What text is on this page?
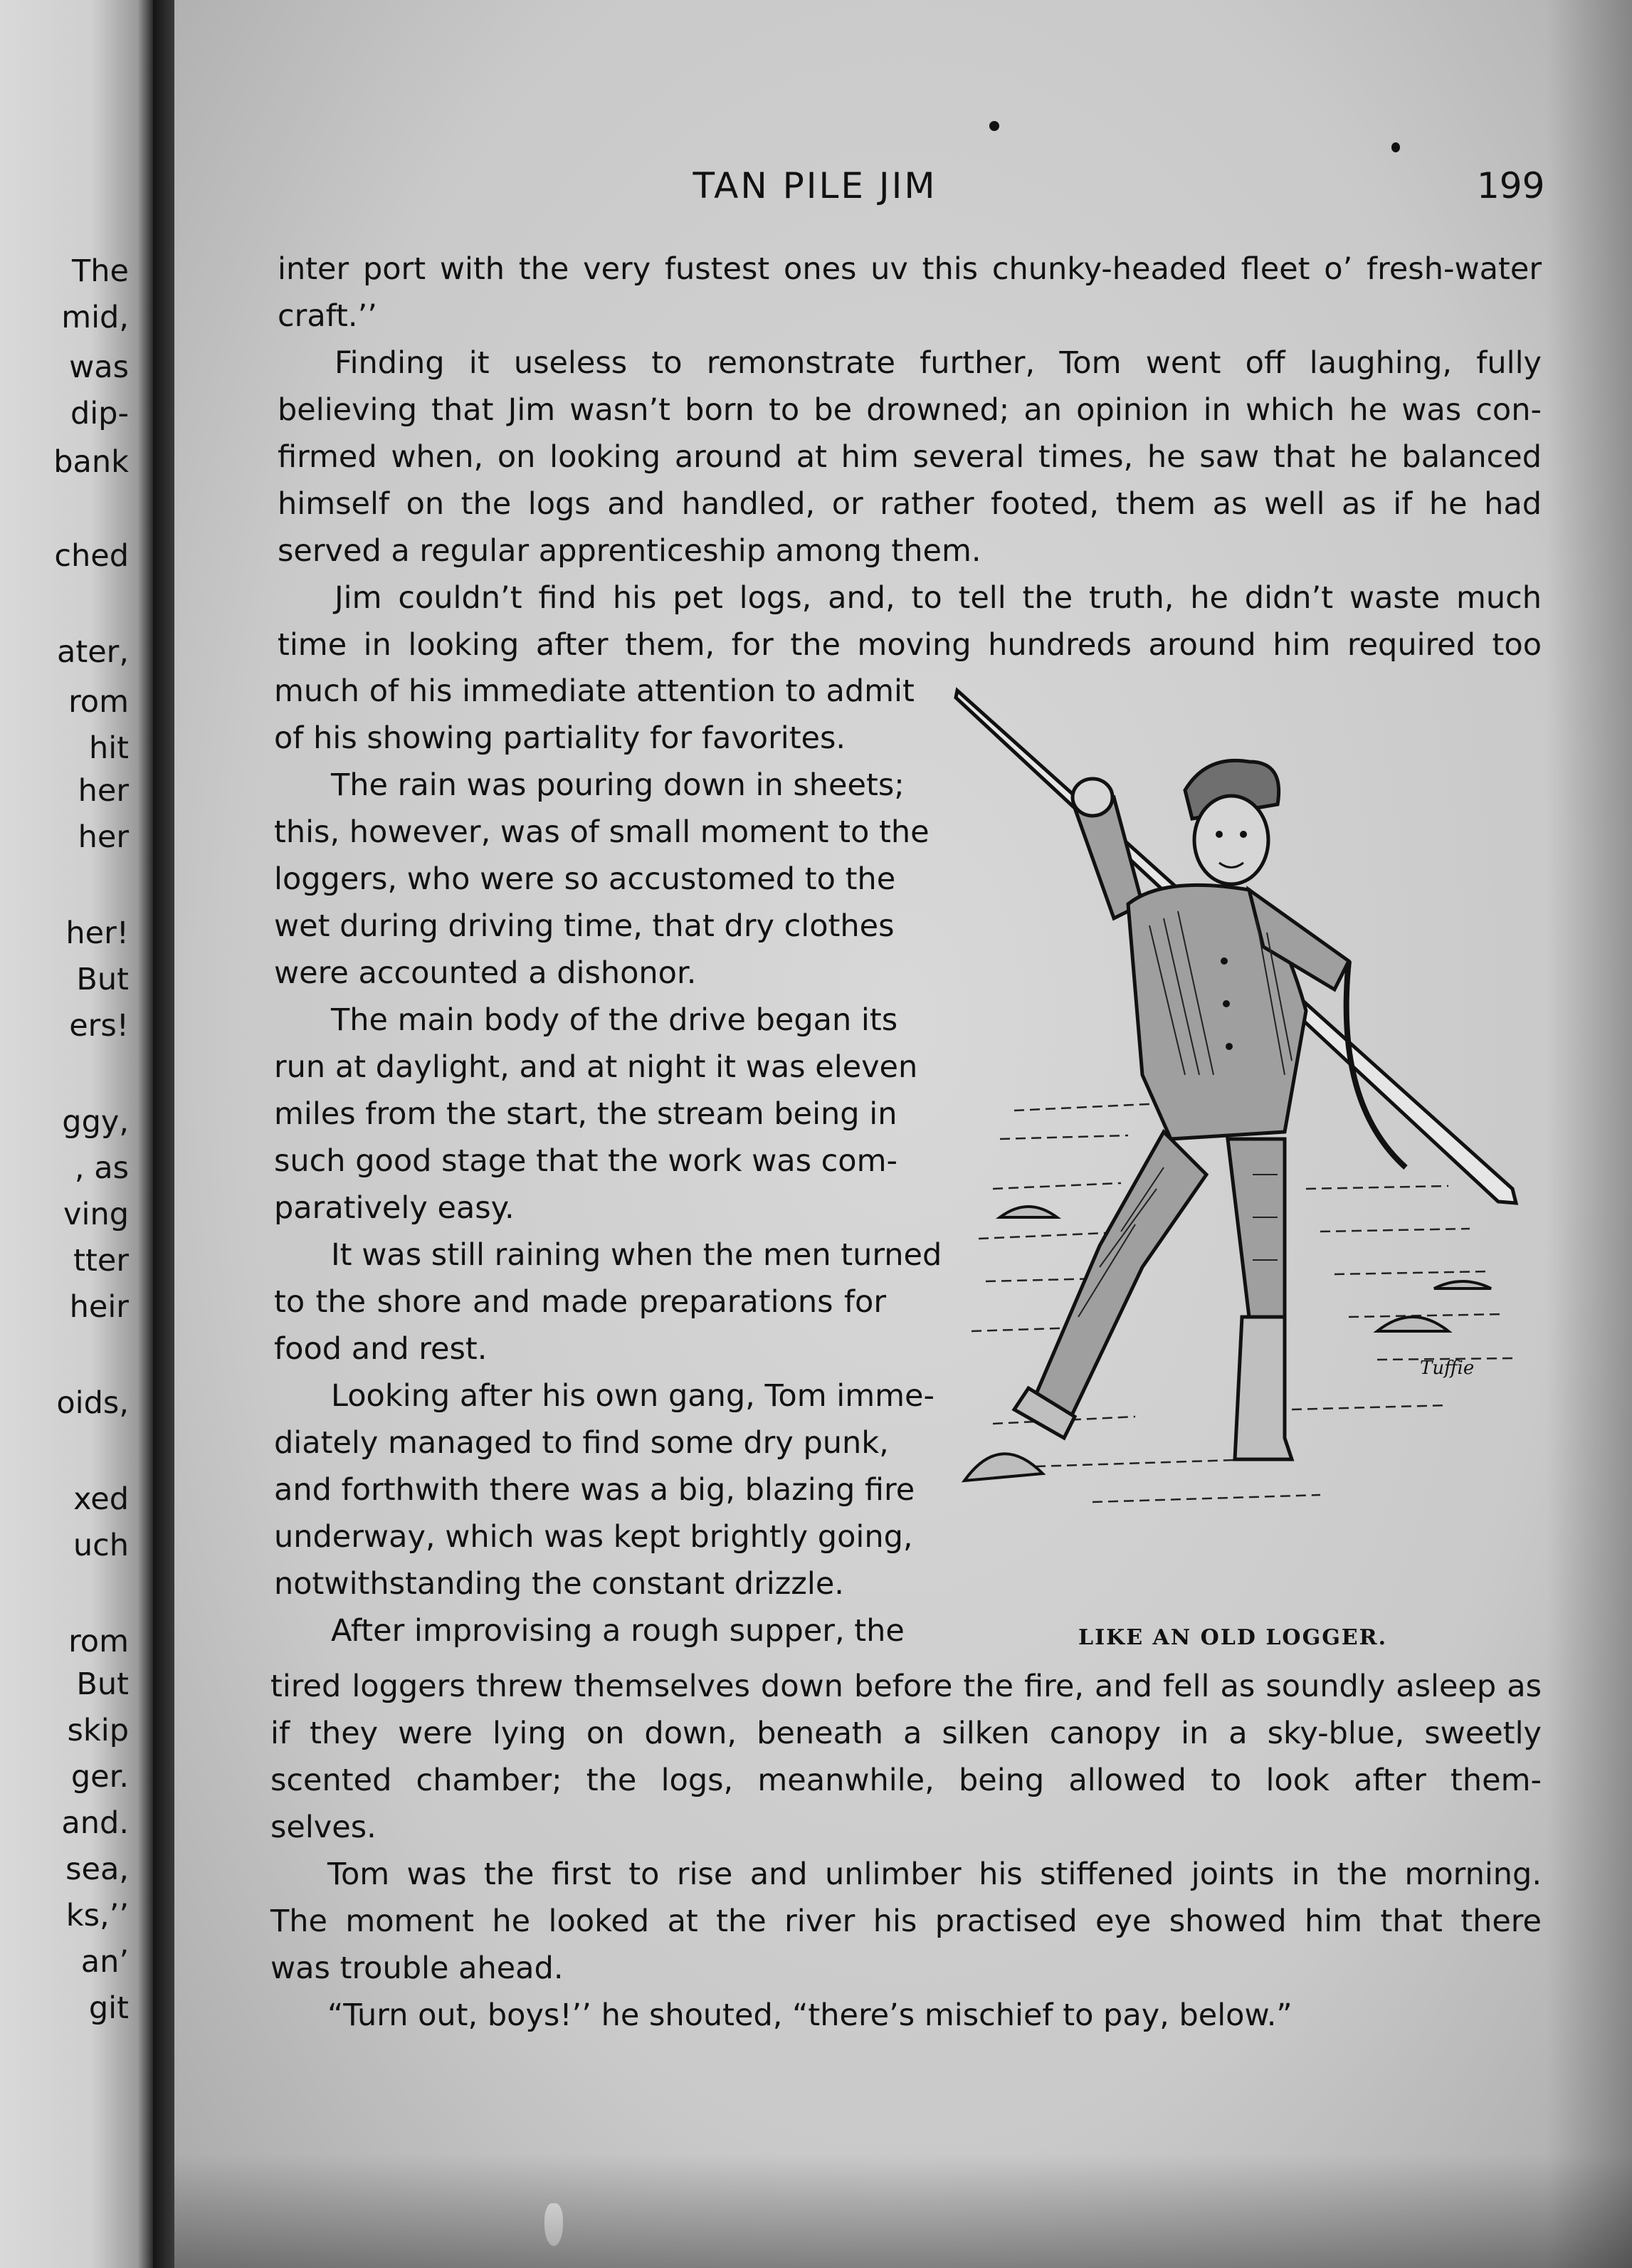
The
mid,
was
dip-
bank
ched
ater,
rom
hit
her
her
her!
But
ers!
ggy,
, as
ving
tter
heir
oids,
xed
uch
rom
But
skip
ger.
and.
sea,
ks,’’
an’
git
TAN PILE JIM	199
inter port with the very fustest ones uv this chunky-headed fleet o’ fresh-water
craft.’’
Finding it useless to remonstrate further, Tom went off laughing, fully
believing that Jim wasn’t born to be drowned; an opinion in which he was con-
firmed when, on looking around at him several times, he saw that he balanced
himself on the logs and handled, or rather footed, them as well as if he had
served a regular apprenticeship among them.
Jim couldn’t find his pet logs, and, to tell the truth, he didn’t waste much
time in looking after them, for the moving hundreds around him required too
much of his immediate attention to admit
of his showing partiality for favorites.
The rain was pouring down in sheets;
this, however, was of small moment to the
loggers, who were so accustomed to the
wet during driving time, that dry clothes
were accounted a dishonor.
The main body of the drive began its
run at daylight, and at night it was eleven
miles from the start, the stream being in
such good stage that the work was com-
paratively easy.
It was still raining when the men turned
to the shore and made preparations for
food and rest.
Looking after his own gang, Tom imme-
diately managed to find some dry punk,
and forthwith there was a big, blazing fire
underway, which was kept brightly going,
notwithstanding the constant drizzle.
After improvising a rough supper, the
tired loggers threw themselves down before the fire, and fell as soundly asleep as
if they were lying on down, beneath a silken canopy in a sky-blue, sweetly
scented chamber; the logs, meanwhile, being allowed to look after them-
selves.
Tom was the first to rise and unlimber his stiffened joints in the morning.
The moment he looked at the river his practised eye showed him that there
was trouble ahead.
“Turn out, boys!’’ he shouted, “there’s mischief to pay, below.”
Tuffie
LIKE AN OLD LOGGER.
